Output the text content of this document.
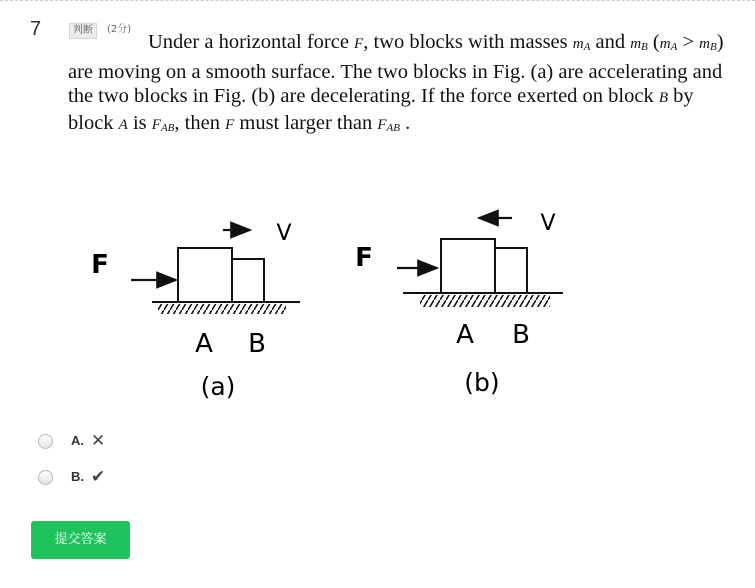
7	判断	(2分)
Under a horizontal force F, two blocks with masses $m_A$ and $m_B$ $(m_A > m_B)$ are moving on a smooth surface. The two blocks in Fig. (a) are accelerating and the two blocks in Fig. (b) are decelerating. If the force exerted on block B by block A is $F_{AB}$, then F must larger than $F_{AB}$ .
V
F
A B
(a)
V
F
A B
(b)
A. ✕
B. ✔
提交答案
